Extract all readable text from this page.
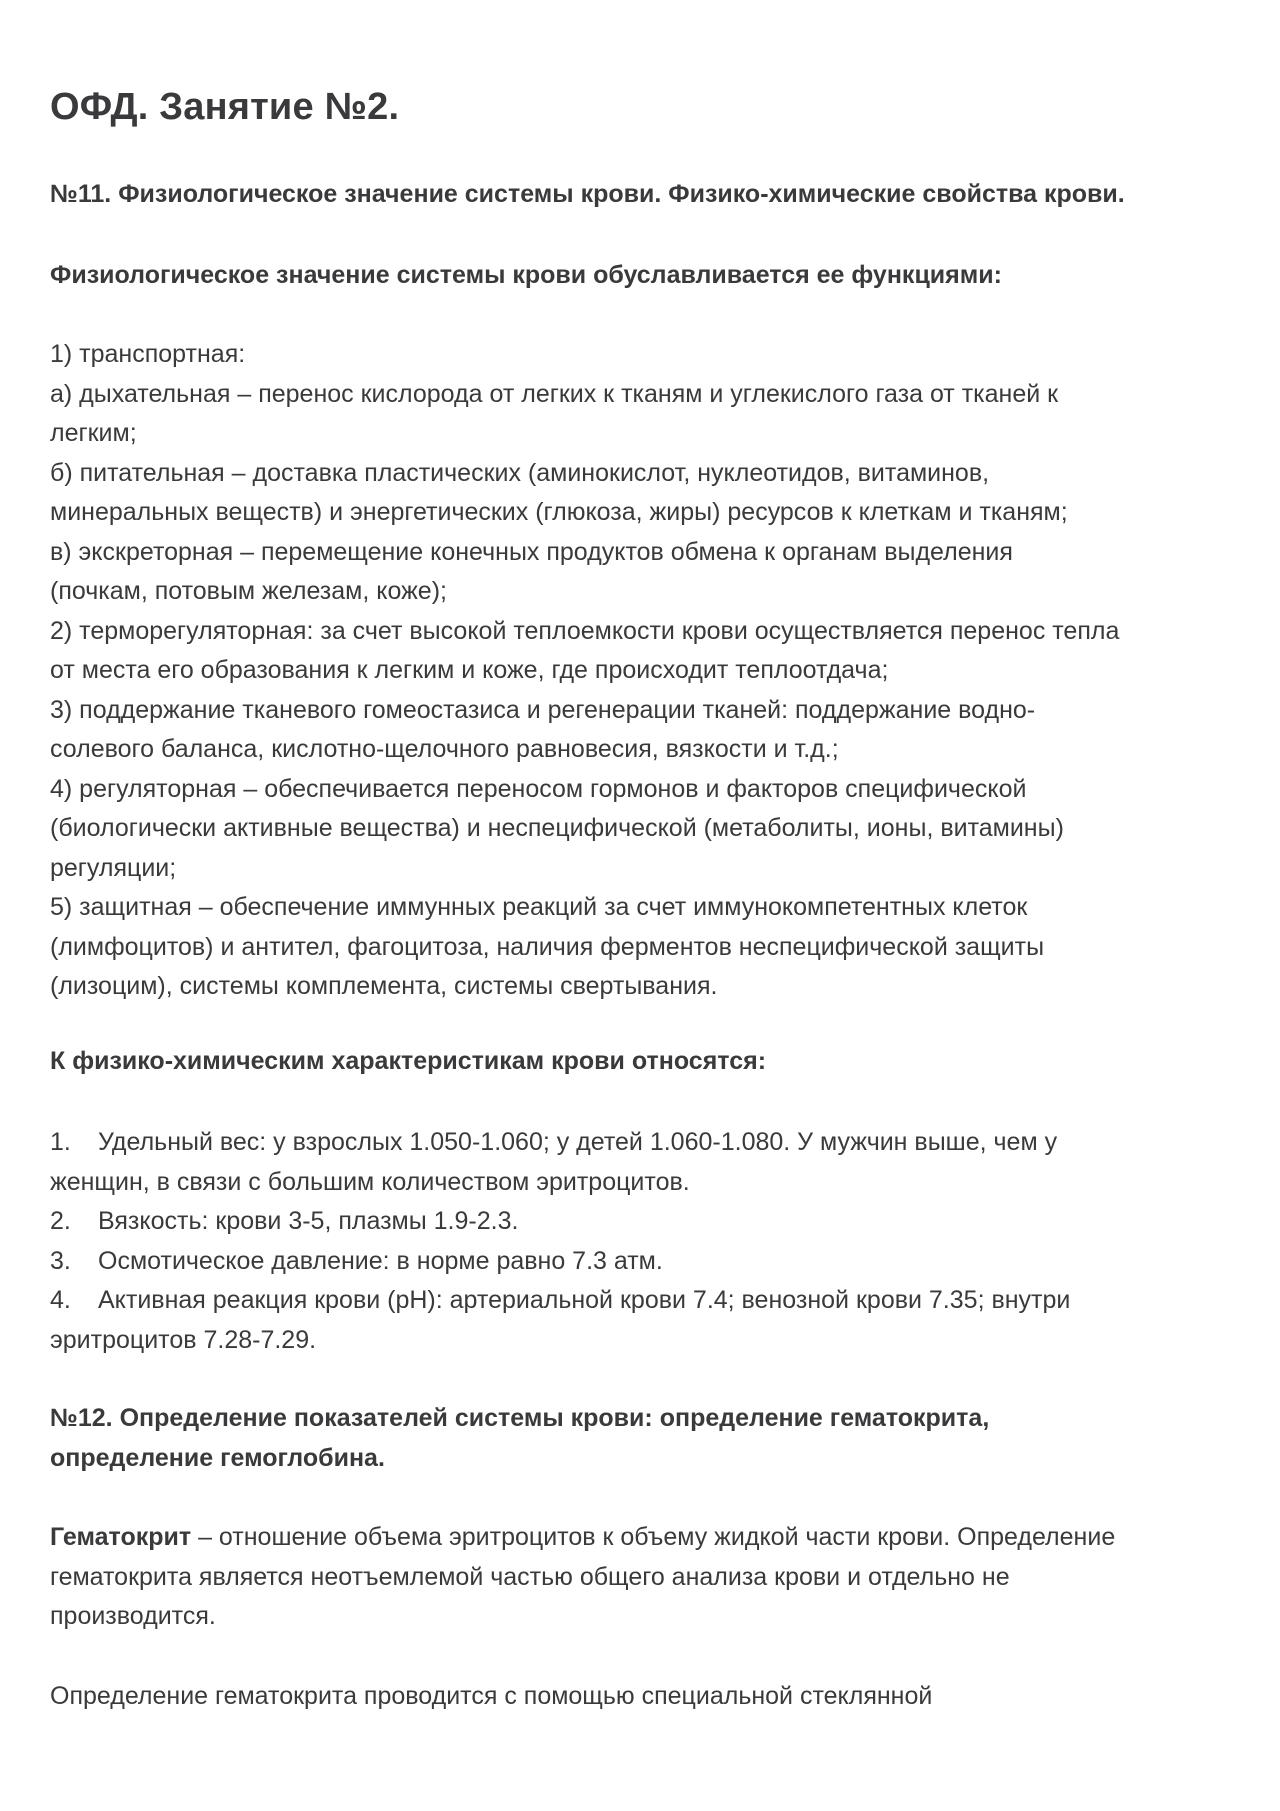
ОФД. Занятие №2.
№11. Физиологическое значение системы крови. Физико-химические свойства крови.
Физиологическое значение системы крови обуславливается ее функциями:
1) транспортная:
а) дыхательная – перенос кислорода от легких к тканям и углекислого газа от тканей к
легким;
б) питательная – доставка пластических (аминокислот, нуклеотидов, витаминов,
минеральных веществ) и энергетических (глюкоза, жиры) ресурсов к клеткам и тканям;
в) экскреторная – перемещение конечных продуктов обмена к органам выделения
(почкам, потовым железам, коже);
2) терморегуляторная: за счет высокой теплоемкости крови осуществляется перенос тепла
от места его образования к легким и коже, где происходит теплоотдача;
3) поддержание тканевого гомеостазиса и регенерации тканей: поддержание водно-
солевого баланса, кислотно-щелочного равновесия, вязкости и т.д.;
4) регуляторная – обеспечивается переносом гормонов и факторов специфической
(биологически активные вещества) и неспецифической (метаболиты, ионы, витамины)
регуляции;
5) защитная – обеспечение иммунных реакций за счет иммунокомпетентных клеток
(лимфоцитов) и антител, фагоцитоза, наличия ферментов неспецифической защиты
(лизоцим), системы комплемента, системы свертывания.
К физико-химическим характеристикам крови относятся:
1. Удельный вес: у взрослых 1.050-1.060; у детей 1.060-1.080. У мужчин выше, чем у
женщин, в связи с большим количеством эритроцитов.
2. Вязкость: крови 3-5, плазмы 1.9-2.3.
3. Осмотическое давление: в норме равно 7.3 атм.
4. Активная реакция крови (pH): артериальной крови 7.4; венозной крови 7.35; внутри
эритроцитов 7.28-7.29.
№12. Определение показателей системы крови: определение гематокрита,
определение гемоглобина.
Гематокрит – отношение объема эритроцитов к объему жидкой части крови. Определение
гематокрита является неотъемлемой частью общего анализа крови и отдельно не
производится.
Определение гематокрита проводится с помощью специальной стеклянной
